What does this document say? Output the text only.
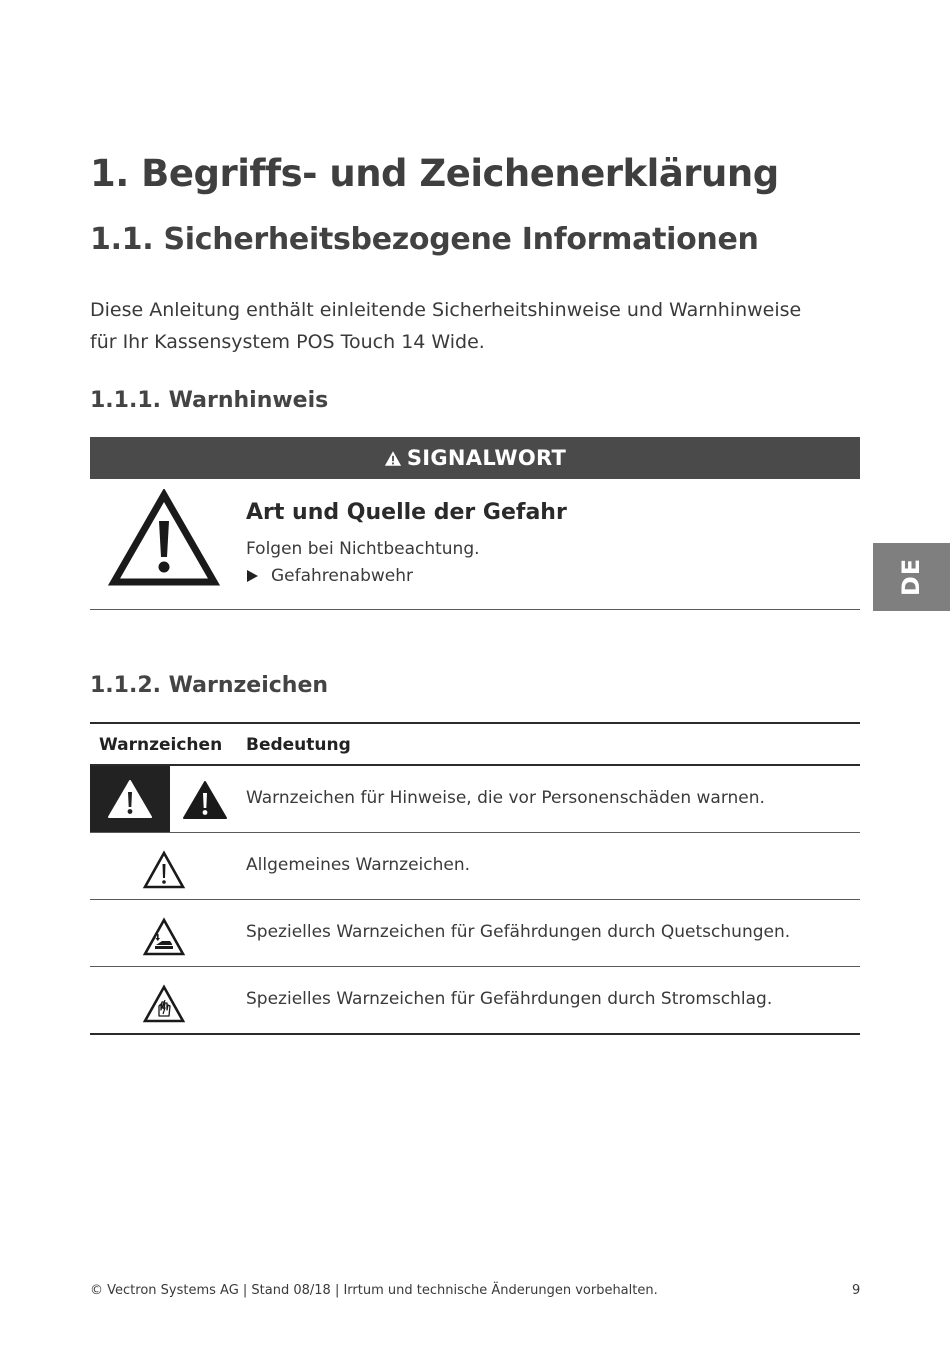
1. Begriffs- und Zeichenerklärung
1.1. Sicherheitsbezogene Informationen

Diese Anleitung enthält einleitende Sicherheitshinweise und Warnhinweise für Ihr Kassensystem POS Touch 14 Wide.

1.1.1. Warnhinweis
SIGNALWORT
Art und Quelle der Gefahr
Folgen bei Nichtbeachtung.
Gefahrenabwehr	DE
1.1.2. Warnzeichen
Warnzeichen Bedeutung
Warnzeichen für Hinweise, die vor Personenschäden warnen.
Allgemeines Warnzeichen.
Spezielles Warnzeichen für Gefährdungen durch Quetschungen.
Spezielles Warnzeichen für Gefährdungen durch Stromschlag.
© Vectron Systems AG | Stand 08/18 | Irrtum und technische Änderungen vorbehalten.	9
